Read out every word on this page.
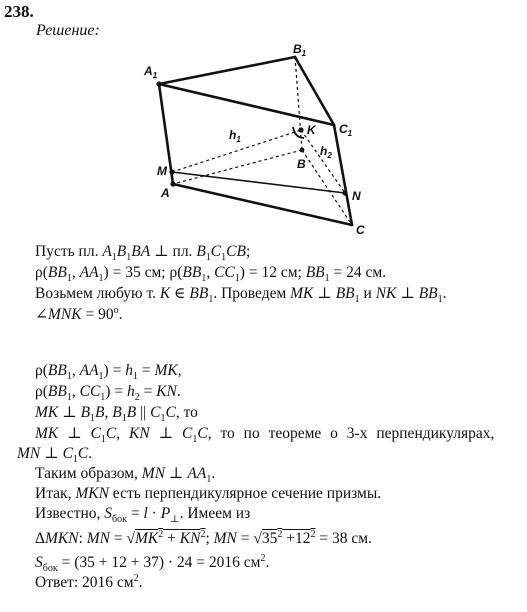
238.
Решение:
$A_1$
$B_1$
$C_1$
K
$h_1$
$h_2$
B
M
A	N
C
Пусть пл. $A_1B_1BA$ ⊥ пл. $B_1C_1CB$;
$\rho(BB_1$, $AA_1) = 35$ см; $\rho(BB_1$, $CC_1) = 12$ см; $BB_1 = 24$ см.
Возьмем любую т. K ∈ $BB_1$. Проведем MK ⊥ $BB_1$ и NK ⊥ $BB_1$.
∠MNK = $90^o$.
$\rho(BB_1$, $AA_1) = h_1$ = MK,
$\rho(BB_1$, $CC_1) = h_2$ = KN.
MK ⊥ $B_1B$, $B_1B$ || $C_1C$, то
MK ⊥ $C_1C$, KN ⊥ $C_1C$, то по теореме о 3-х перпендикулярах,
MN ⊥ $C_1C$.
Таким образом, MN ⊥ $AA_1$.
Итак, MKN есть перпендикулярное сечение призмы.
Известно, $S_{бок} = l \cdot P_\perp$. Имеем из
ΔMKN: MN = $√MK^2 + KN^2$; MN = $√35^2 +12^2 = 38$ см.
$S_{бок} = (35 + 12 + 37) \cdot 24 = 2016$ $см^2$.
Ответ: 2016 $см^2$.
